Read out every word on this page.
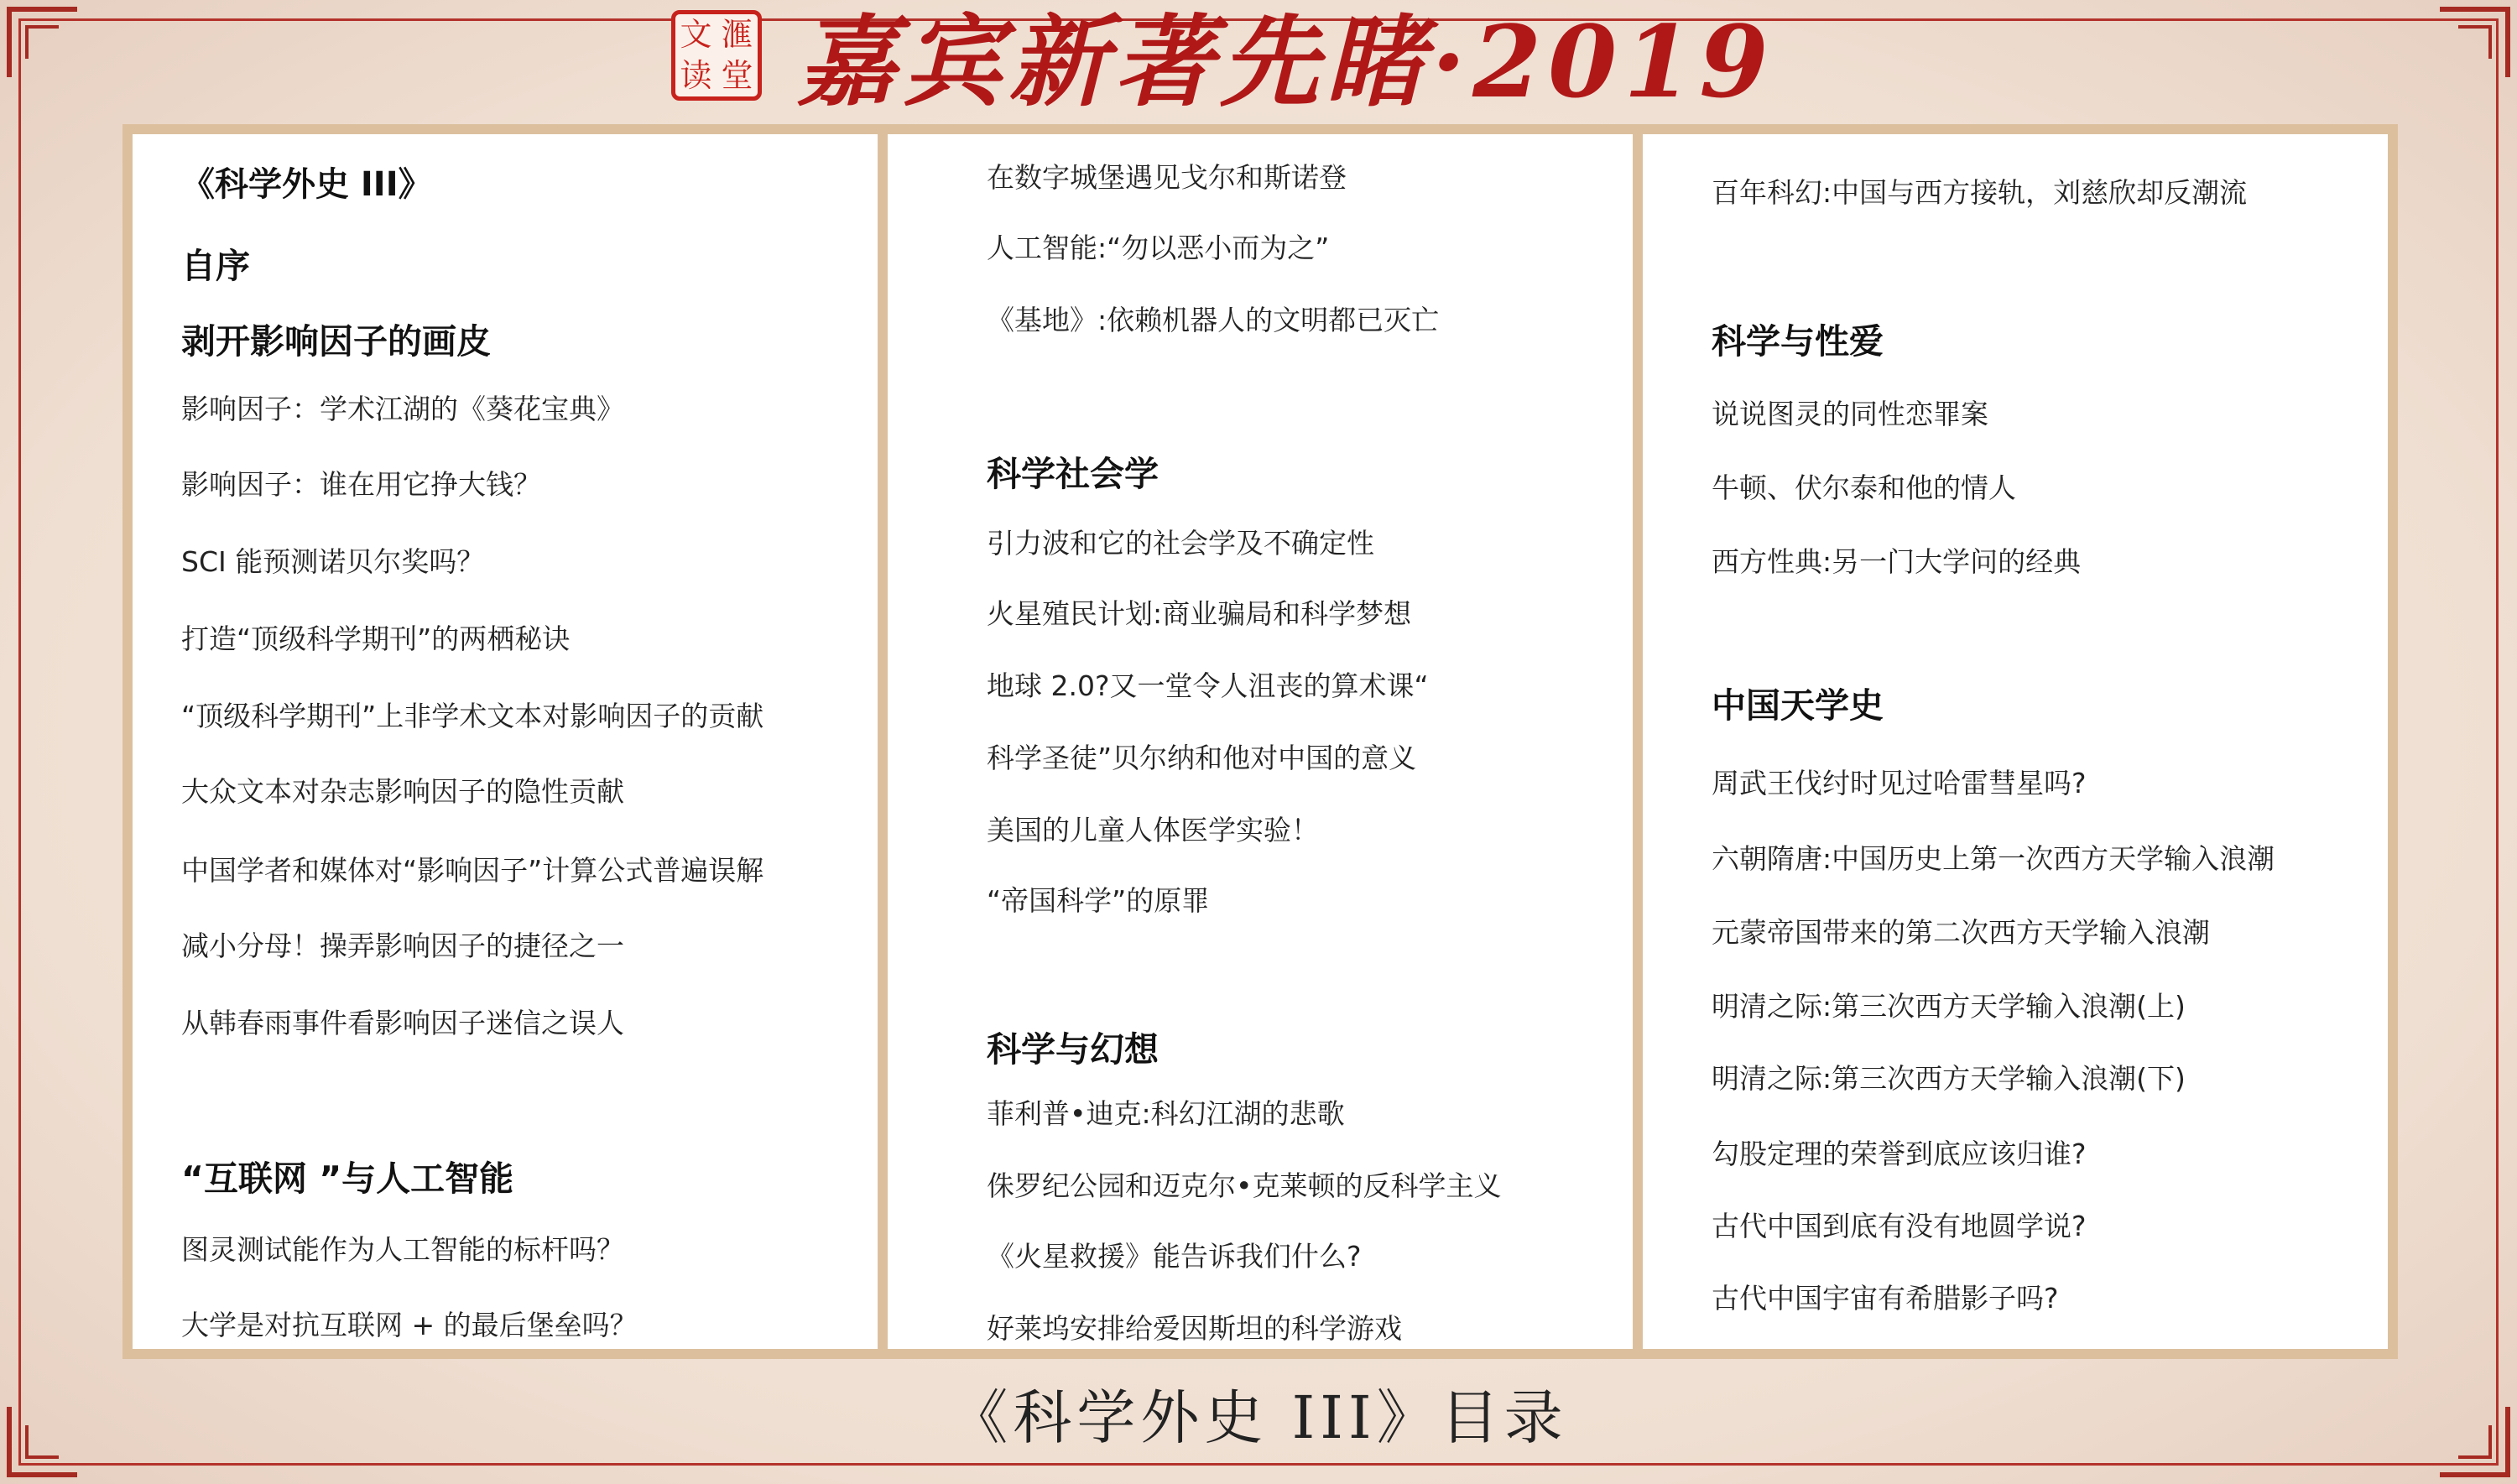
文 滙
读 堂 嘉宾新著先睹·2019
《科学外史 III》
自序
剥开影响因子的画皮
影响因子：学术江湖的《葵花宝典》
影响因子：谁在用它挣大钱？
SCI 能预测诺贝尔奖吗？
打造“顶级科学期刊”的两栖秘诀
“顶级科学期刊”上非学术文本对影响因子的贡献
大众文本对杂志影响因子的隐性贡献
中国学者和媒体对“影响因子”计算公式普遍误解
减小分母！操弄影响因子的捷径之一
从韩春雨事件看影响因子迷信之误人
“互联网 ”与人工智能
图灵测试能作为人工智能的标杆吗？
大学是对抗互联网 + 的最后堡垒吗？
在数字城堡遇见戈尔和斯诺登
人工智能:“勿以恶小而为之”
《基地》:依赖机器人的文明都已灭亡
科学社会学
引力波和它的社会学及不确定性
火星殖民计划:商业骗局和科学梦想
地球 2.0?又一堂令人沮丧的算术课“
科学圣徒”贝尔纳和他对中国的意义
美国的儿童人体医学实验！
“帝国科学”的原罪
科学与幻想
菲利普•迪克:科幻江湖的悲歌
侏罗纪公园和迈克尔•克莱顿的反科学主义
《火星救援》能告诉我们什么?
好莱坞安排给爱因斯坦的科学游戏
百年科幻:中国与西方接轨，刘慈欣却反潮流
科学与性爱
说说图灵的同性恋罪案
牛顿、伏尔泰和他的情人
西方性典:另一门大学问的经典
中国天学史
周武王伐纣时见过哈雷彗星吗?
六朝隋唐:中国历史上第一次西方天学输入浪潮
元蒙帝国带来的第二次西方天学输入浪潮
明清之际:第三次西方天学输入浪潮(上)
明清之际:第三次西方天学输入浪潮(下)
勾股定理的荣誉到底应该归谁?
古代中国到底有没有地圆学说?
古代中国宇宙有希腊影子吗?
《科学外史 III》目录
